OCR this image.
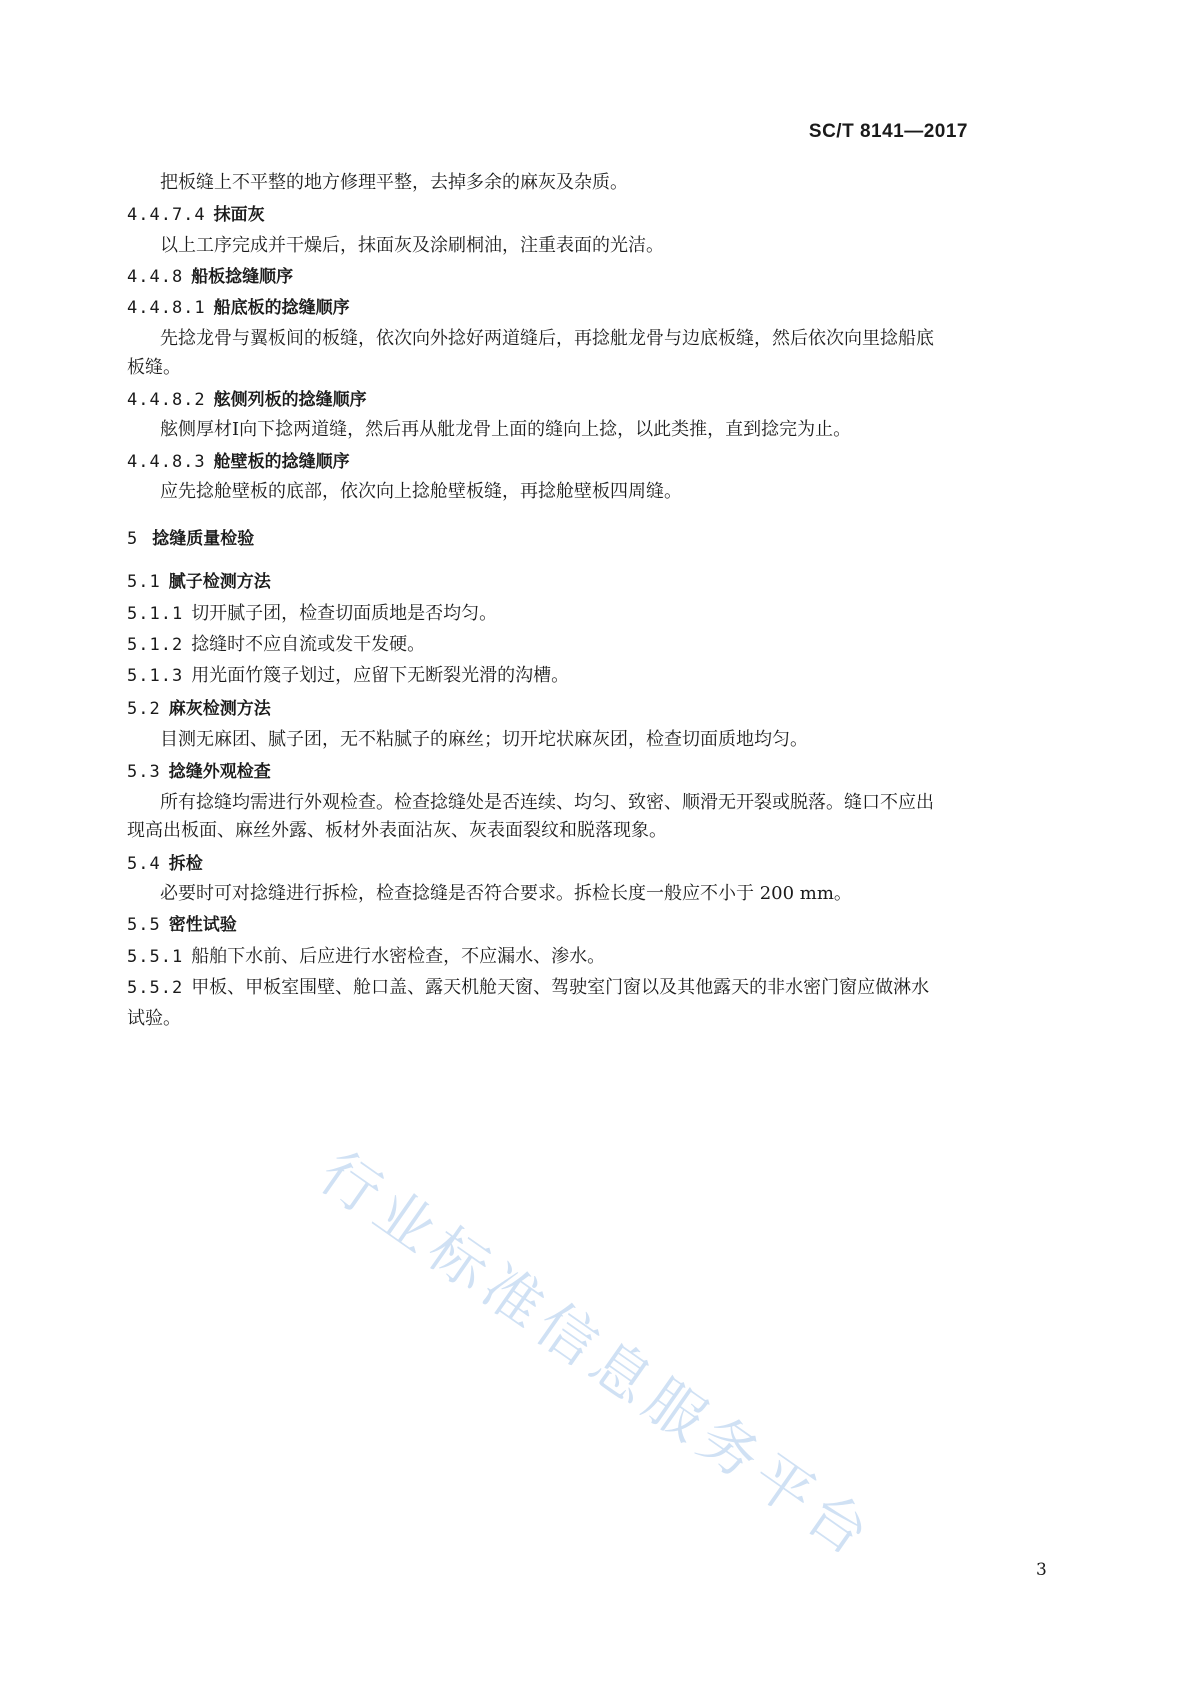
SC/T 8141—2017
把板缝上不平整的地方修理平整，去掉多余的麻灰及杂质。
4.4.7.4 抹面灰
以上工序完成并干燥后，抹面灰及涂刷桐油，注重表面的光洁。
4.4.8 船板捻缝顺序
4.4.8.1 船底板的捻缝顺序
先捻龙骨与翼板间的板缝，依次向外捻好两道缝后，再捻舭龙骨与边底板缝，然后依次向里捻船底
板缝。
4.4.8.2 舷侧列板的捻缝顺序
舷侧厚材Ⅰ向下捻两道缝，然后再从舭龙骨上面的缝向上捻，以此类推，直到捻完为止。
4.4.8.3 舱壁板的捻缝顺序
应先捻舱壁板的底部，依次向上捻舱壁板缝，再捻舱壁板四周缝。
5 捻缝质量检验
5.1 腻子检测方法
5.1.1 切开腻子团，检查切面质地是否均匀。
5.1.2 捻缝时不应自流或发干发硬。
5.1.3 用光面竹篾子划过，应留下无断裂光滑的沟槽。
5.2 麻灰检测方法
目测无麻团、腻子团，无不粘腻子的麻丝；切开坨状麻灰团，检查切面质地均匀。
5.3 捻缝外观检查
所有捻缝均需进行外观检查。检查捻缝处是否连续、均匀、致密、顺滑无开裂或脱落。缝口不应出
现高出板面、麻丝外露、板材外表面沾灰、灰表面裂纹和脱落现象。
5.4 拆检
必要时可对捻缝进行拆检，检查捻缝是否符合要求。拆检长度一般应不小于 200 mm。
5.5 密性试验
5.5.1 船舶下水前、后应进行水密检查，不应漏水、渗水。
5.5.2 甲板、甲板室围壁、舱口盖、露天机舱天窗、驾驶室门窗以及其他露天的非水密门窗应做淋水
试验。
行业标准信息服务平台	3
